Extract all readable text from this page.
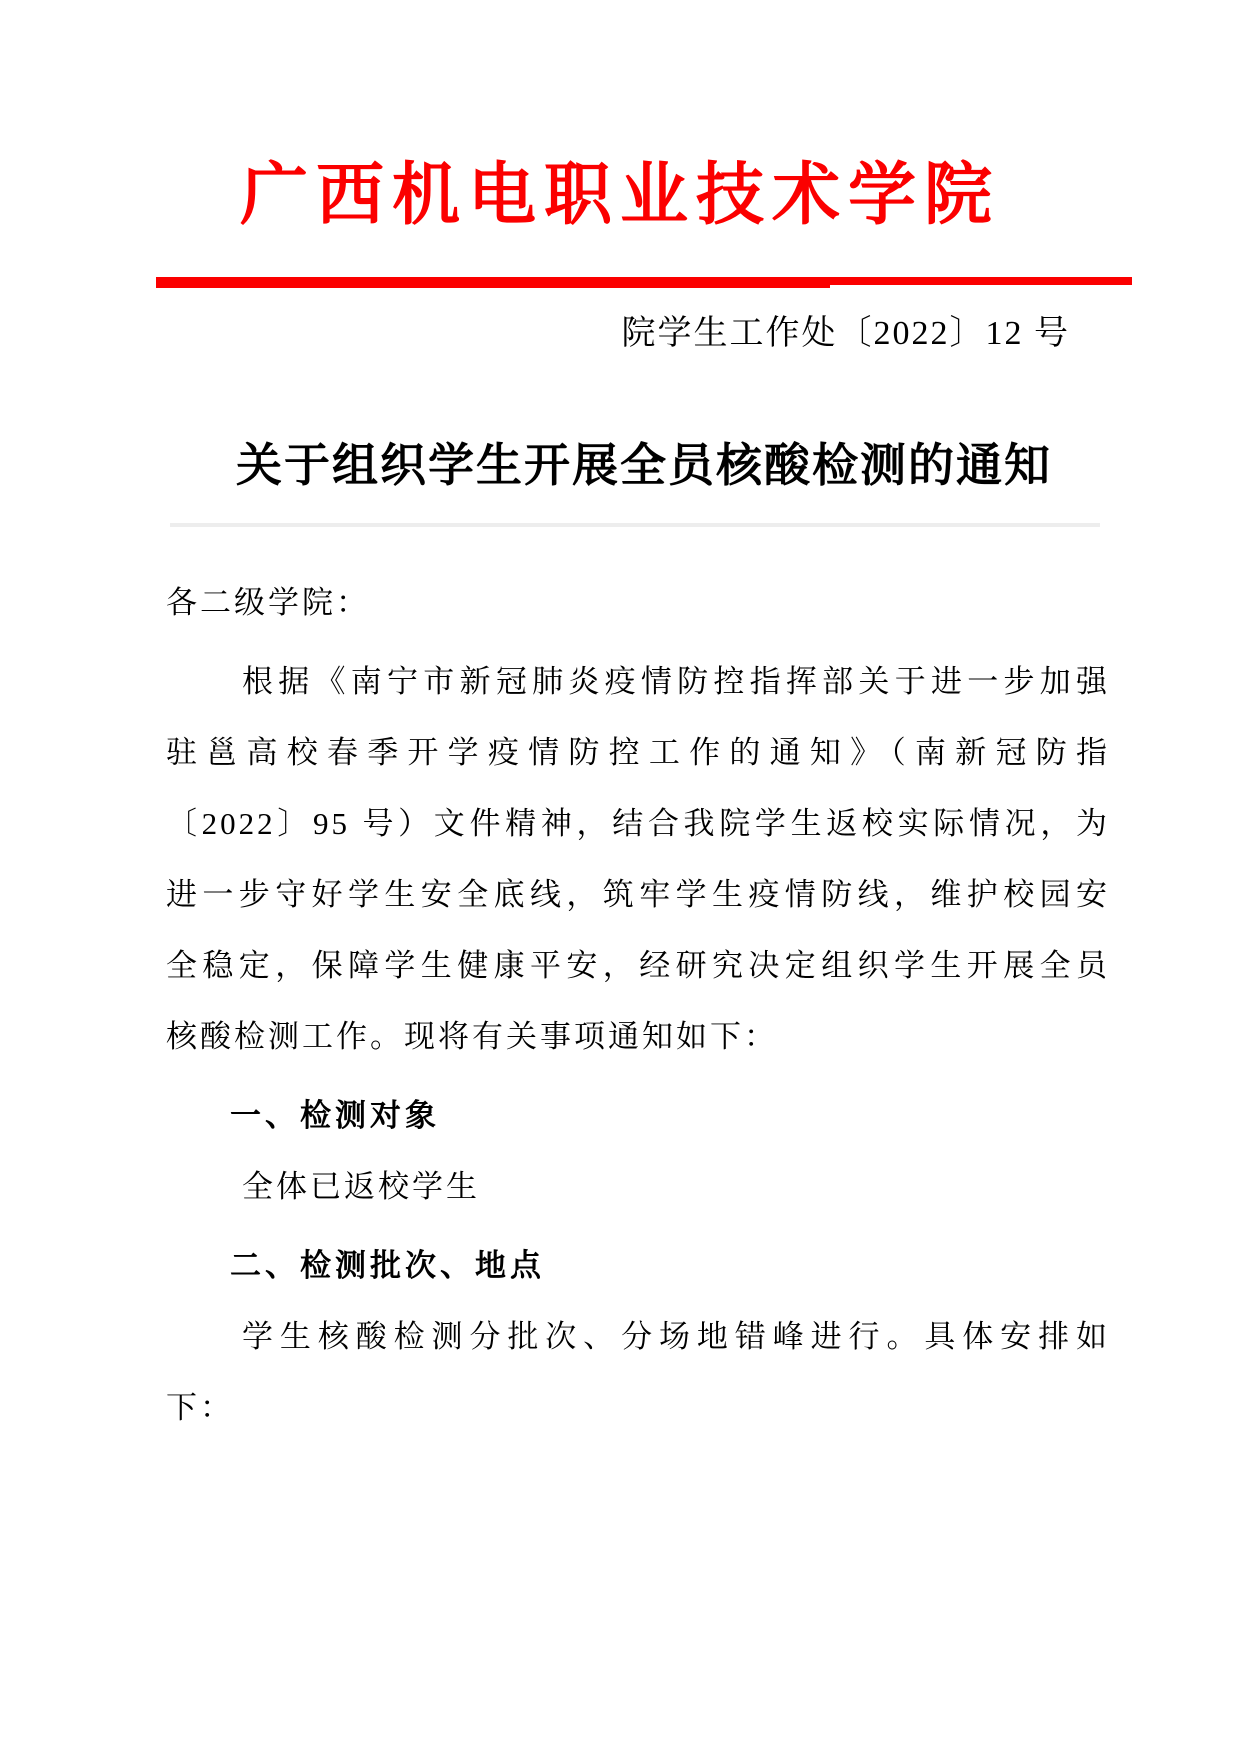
广西机电职业技术学院
院学生工作处〔2022〕12 号
关于组织学生开展全员核酸检测的通知

各二级学院：

根据《南宁市新冠肺炎疫情防控指挥部关于进一步加强

驻邕高校春季开学疫情防控工作的通知》（南新冠防指

〔2022〕95 号）文件精神，结合我院学生返校实际情况，为

进一步守好学生安全底线，筑牢学生疫情防线，维护校园安

全稳定，保障学生健康平安，经研究决定组织学生开展全员

核酸检测工作。现将有关事项通知如下：

一、检测对象

全体已返校学生

二、检测批次、地点

学生核酸检测分批次、分场地错峰进行。具体安排如

下：
